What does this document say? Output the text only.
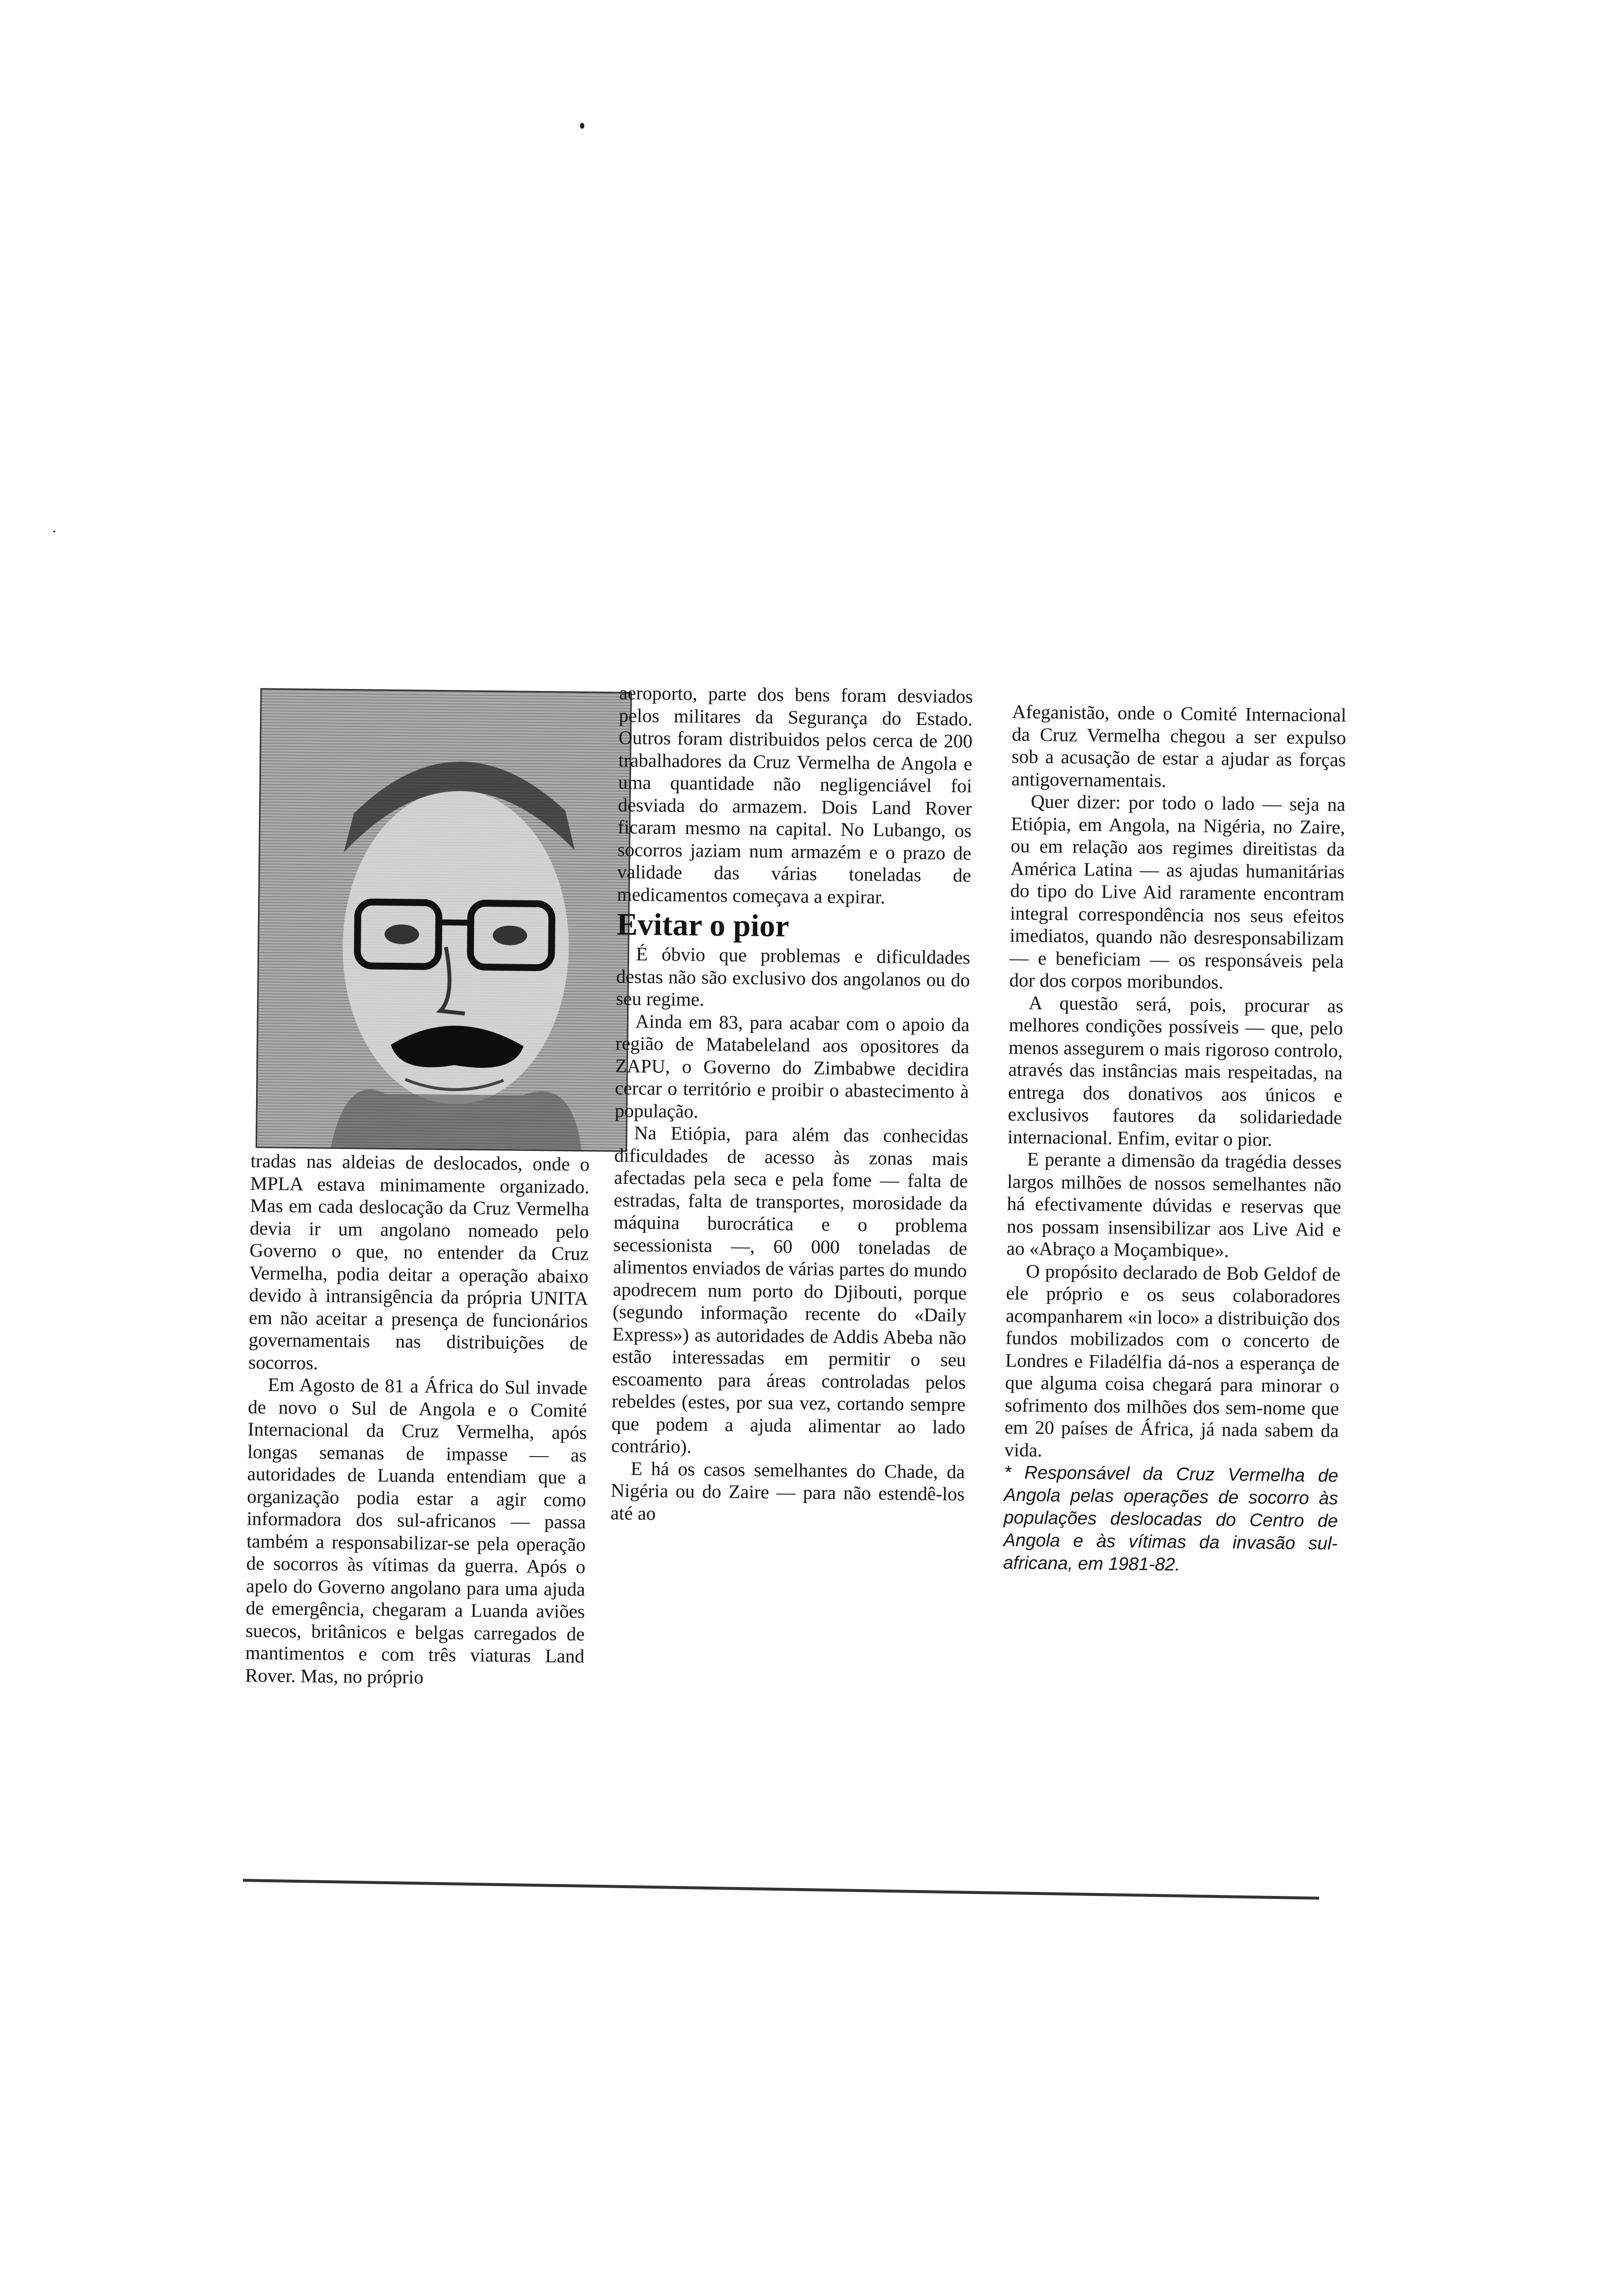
tradas nas aldeias de deslocados, onde o MPLA estava minimamente organizado. Mas em cada deslocação da Cruz Vermelha devia ir um angolano nomeado pelo Governo o que, no entender da Cruz Vermelha, podia deitar a operação abaixo devido à intransigência da própria UNITA em não aceitar a presença de funcionários governamentais nas distribuições de socorros.

Em Agosto de 81 a África do Sul invade de novo o Sul de Angola e o Comité Internacional da Cruz Vermelha, após longas semanas de impasse — as autoridades de Luanda entendiam que a organização podia estar a agir como informadora dos sul-africanos — passa também a responsabilizar-se pela operação de socorros às vítimas da guerra. Após o apelo do Governo angolano para uma ajuda de emergência, chegaram a Luanda aviões suecos, britânicos e belgas carregados de mantimentos e com três viaturas Land Rover. Mas, no próprio

aeroporto, parte dos bens foram desviados pelos militares da Segurança do Estado. Outros foram distribuidos pelos cerca de 200 trabalhadores da Cruz Vermelha de Angola e uma quantidade não negligenciável foi desviada do armazem. Dois Land Rover ficaram mesmo na capital. No Lubango, os socorros jaziam num armazém e o prazo de validade das várias toneladas de medicamentos começava a expirar.

Evitar o pior

É óbvio que problemas e dificuldades destas não são exclusivo dos angolanos ou do seu regime.

Ainda em 83, para acabar com o apoio da região de Matabeleland aos opositores da ZAPU, o Governo do Zimbabwe decidira cercar o território e proibir o abastecimento à população.

Na Etiópia, para além das conhecidas dificuldades de acesso às zonas mais afectadas pela seca e pela fome — falta de estradas, falta de transportes, morosidade da máquina burocrática e o problema secessionista —, 60 000 toneladas de alimentos enviados de várias partes do mundo apodrecem num porto do Djibouti, porque (segundo informação recente do «Daily Express») as autoridades de Addis Abeba não estão interessadas em permitir o seu escoamento para áreas controladas pelos rebeldes (estes, por sua vez, cortando sempre que podem a ajuda alimentar ao lado contrário).

E há os casos semelhantes do Chade, da Nigéria ou do Zaire — para não estendê-los até ao

Afeganistão, onde o Comité Internacional da Cruz Vermelha chegou a ser expulso sob a acusação de estar a ajudar as forças antigovernamentais.

Quer dizer: por todo o lado — seja na Etiópia, em Angola, na Nigéria, no Zaire, ou em relação aos regimes direitistas da América Latina — as ajudas humanitárias do tipo do Live Aid raramente encontram integral correspondência nos seus efeitos imediatos, quando não desresponsabilizam — e beneficiam — os responsáveis pela dor dos corpos moribundos.

A questão será, pois, procurar as melhores condições possíveis — que, pelo menos assegurem o mais rigoroso controlo, através das instâncias mais respeitadas, na entrega dos donativos aos únicos e exclusivos fautores da solidariedade internacional. Enfim, evitar o pior.

E perante a dimensão da tragédia desses largos milhões de nossos semelhantes não há efectivamente dúvidas e reservas que nos possam insensibilizar aos Live Aid e ao «Abraço a Moçambique».

O propósito declarado de Bob Geldof de ele próprio e os seus colaboradores acompanharem «in loco» a distribuição dos fundos mobilizados com o concerto de Londres e Filadélfia dá-nos a esperança de que alguma coisa chegará para minorar o sofrimento dos milhões dos sem-nome que em 20 países de África, já nada sabem da vida.

* Responsável da Cruz Vermelha de Angola pelas operações de socorro às populações deslocadas do Centro de Angola e às vítimas da invasão sul-africana, em 1981-82.
